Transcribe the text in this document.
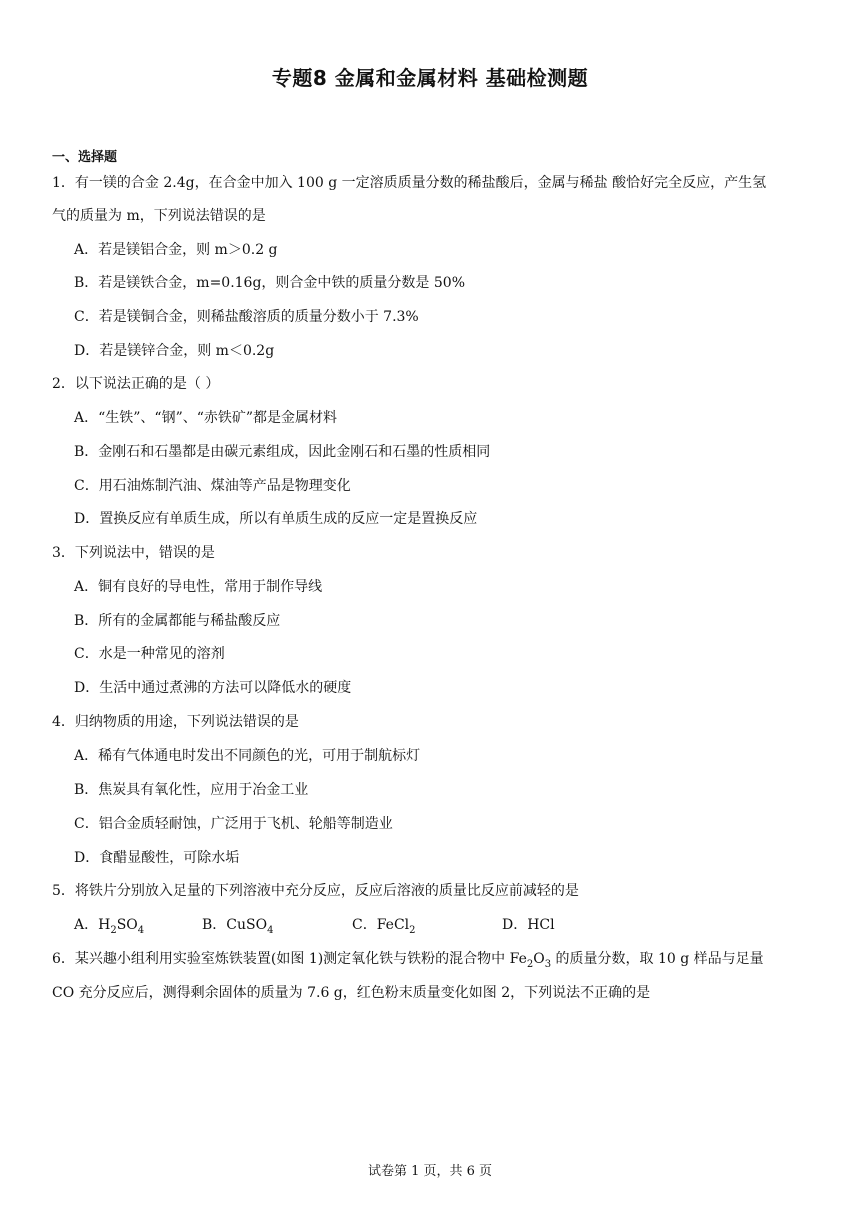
专题8 金属和金属材料 基础检测题
一、选择题
1．有一镁的合金 2.4g，在合金中加入 100 g 一定溶质质量分数的稀盐酸后，金属与稀盐 酸恰好完全反应，产生氢
气的质量为 m，下列说法错误的是
A．若是镁铝合金，则 m＞0.2 g
B．若是镁铁合金，m=0.16g，则合金中铁的质量分数是 50%
C．若是镁铜合金，则稀盐酸溶质的质量分数小于 7.3%
D．若是镁锌合金，则 m＜0.2g
2．以下说法正确的是（ ）
A．“生铁”、“钢”、“赤铁矿”都是金属材料
B．金刚石和石墨都是由碳元素组成，因此金刚石和石墨的性质相同
C．用石油炼制汽油、煤油等产品是物理变化
D．置换反应有单质生成，所以有单质生成的反应一定是置换反应
3．下列说法中，错误的是
A．铜有良好的导电性，常用于制作导线
B．所有的金属都能与稀盐酸反应
C．水是一种常见的溶剂
D．生活中通过煮沸的方法可以降低水的硬度
4．归纳物质的用途，下列说法错误的是
A．稀有气体通电时发出不同颜色的光，可用于制航标灯
B．焦炭具有氧化性，应用于冶金工业
C．铝合金质轻耐蚀，广泛用于飞机、轮船等制造业
D．食醋显酸性，可除水垢
5．将铁片分别放入足量的下列溶液中充分反应，反应后溶液的质量比反应前减轻的是
A．$H_2SO_4$	B．CuSO$_4$	C．FeCl$_2$	D．HCl
6．某兴趣小组利用实验室炼铁装置(如图 1)测定氧化铁与铁粉的混合物中 $Fe_2O_3$ 的质量分数，取 10 g 样品与足量
CO 充分反应后，测得剩余固体的质量为 7.6 g，红色粉末质量变化如图 2，下列说法不正确的是
试卷第 1 页，共 6 页
